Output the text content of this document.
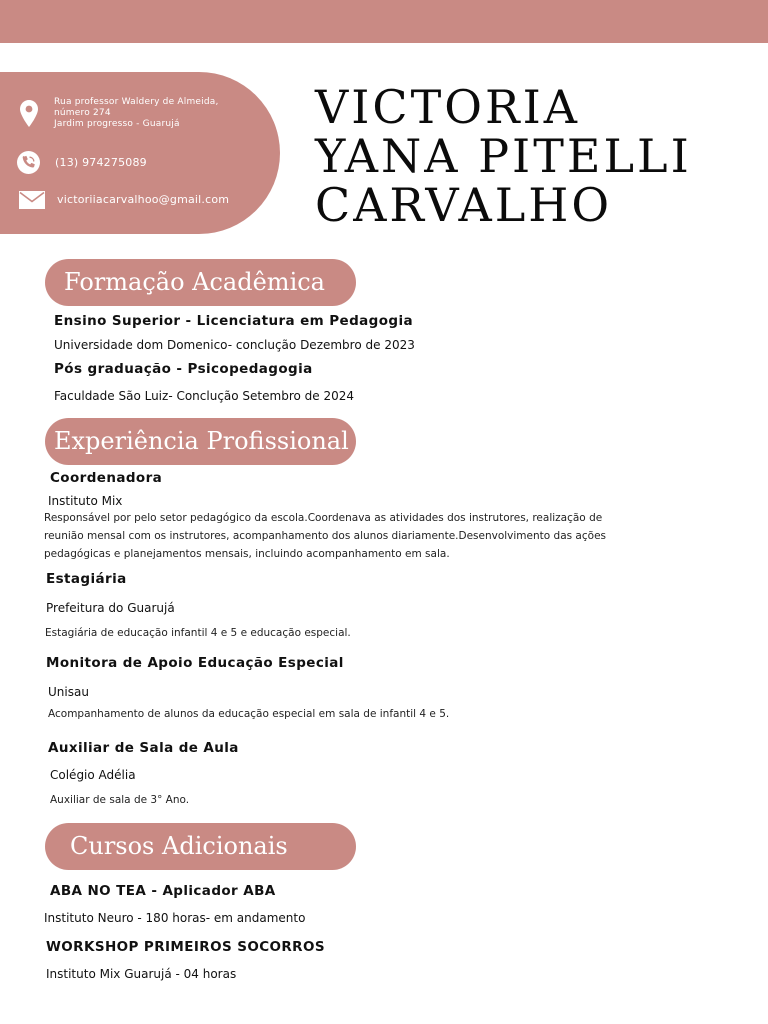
Rua professor Waldery de Almeida,
número 274
Jardim progresso - Guarujá
(13) 974275089
victoriiacarvalhoo@gmail.com
VICTORIA
YANA PITELLI
CARVALHO
Formação Acadêmica
Ensino Superior - Licenciatura em Pedagogia
Universidade dom Domenico- conclução Dezembro de 2023
Pós graduação - Psicopedagogia
Faculdade São Luiz- Conclução Setembro de 2024
Experiência Profissional
Coordenadora
Instituto Mix
Responsável por pelo setor pedagógico da escola.Coordenava as atividades dos instrutores, realização de reunião mensal com os instrutores, acompanhamento dos alunos diariamente.Desenvolvimento das ações pedagógicas e planejamentos mensais, incluindo acompanhamento em sala.
Estagiária
Prefeitura do Guarujá
Estagiária de educação infantil 4 e 5 e educação especial.
Monitora de Apoio Educação Especial
Unisau
Acompanhamento de alunos da educação especial em sala de infantil 4 e 5.
Auxiliar de Sala de Aula
Colégio Adélia
Auxiliar de sala de 3° Ano.
Cursos Adicionais
ABA NO TEA - Aplicador ABA
Instituto Neuro - 180 horas- em andamento
WORKSHOP PRIMEIROS SOCORROS
Instituto Mix Guarujá - 04 horas
